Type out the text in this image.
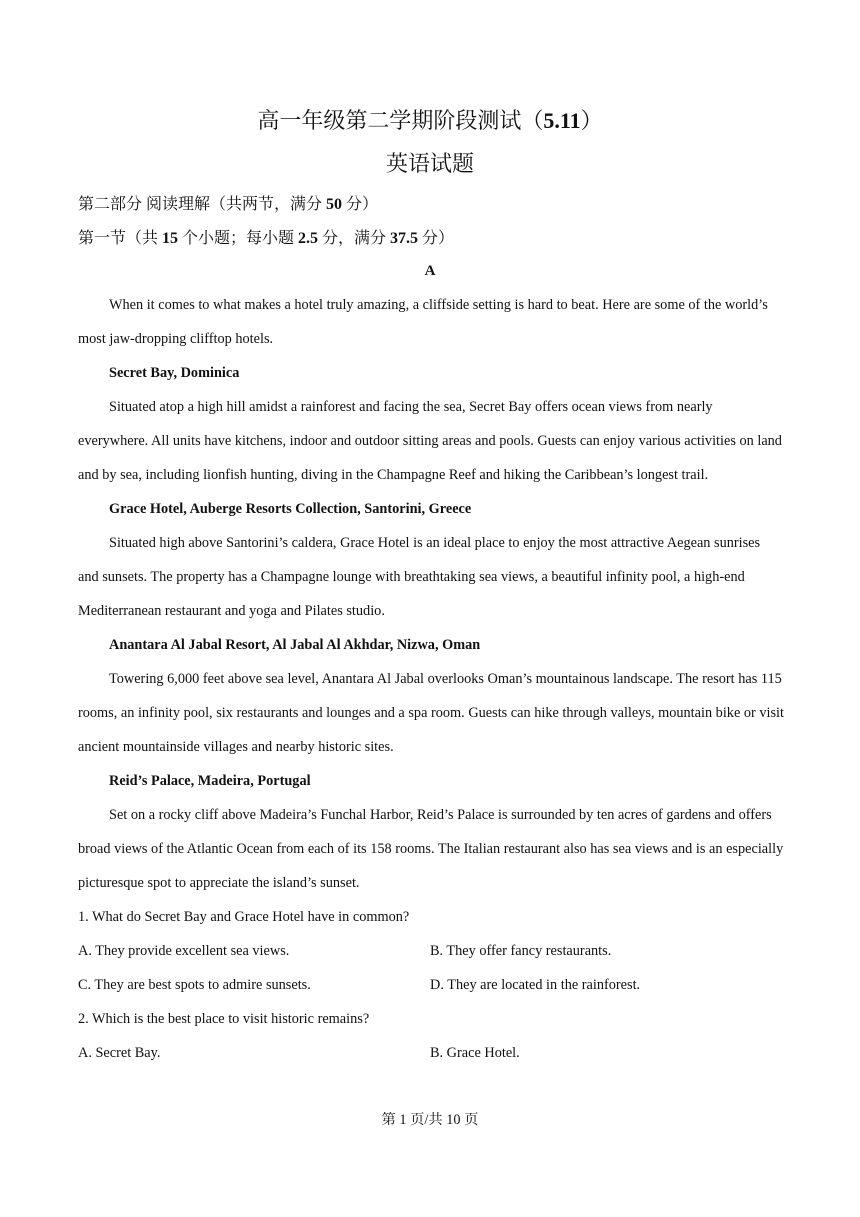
高一年级第二学期阶段测试（5.11）
英语试题
第二部分 阅读理解（共两节，满分 50 分）
第一节（共 15 个小题；每小题 2.5 分，满分 37.5 分）
A

When it comes to what makes a hotel truly amazing, a cliffside setting is hard to beat. Here are some of the world’s most jaw-dropping clifftop hotels.

Secret Bay, Dominica

Situated atop a high hill amidst a rainforest and facing the sea, Secret Bay offers ocean views from nearly everywhere. All units have kitchens, indoor and outdoor sitting areas and pools. Guests can enjoy various activities on land and by sea, including lionfish hunting, diving in the Champagne Reef and hiking the Caribbean’s longest trail.

Grace Hotel, Auberge Resorts Collection, Santorini, Greece

Situated high above Santorini’s caldera, Grace Hotel is an ideal place to enjoy the most attractive Aegean sunrises and sunsets. The property has a Champagne lounge with breathtaking sea views, a beautiful infinity pool, a high-end Mediterranean restaurant and yoga and Pilates studio.

Anantara Al Jabal Resort, Al Jabal Al Akhdar, Nizwa, Oman

Towering 6,000 feet above sea level, Anantara Al Jabal overlooks Oman’s mountainous landscape. The resort has 115 rooms, an infinity pool, six restaurants and lounges and a spa room. Guests can hike through valleys, mountain bike or visit ancient mountainside villages and nearby historic sites.

Reid’s Palace, Madeira, Portugal

Set on a rocky cliff above Madeira’s Funchal Harbor, Reid’s Palace is surrounded by ten acres of gardens and offers broad views of the Atlantic Ocean from each of its 158 rooms. The Italian restaurant also has sea views and is an especially picturesque spot to appreciate the island’s sunset.

1. What do Secret Bay and Grace Hotel have in common?

A. They provide excellent sea views.	B. They offer fancy restaurants.
C. They are best spots to admire sunsets.	D. They are located in the rainforest.

2. Which is the best place to visit historic remains?

A. Secret Bay.	B. Grace Hotel.
第 1 页/共 10 页
